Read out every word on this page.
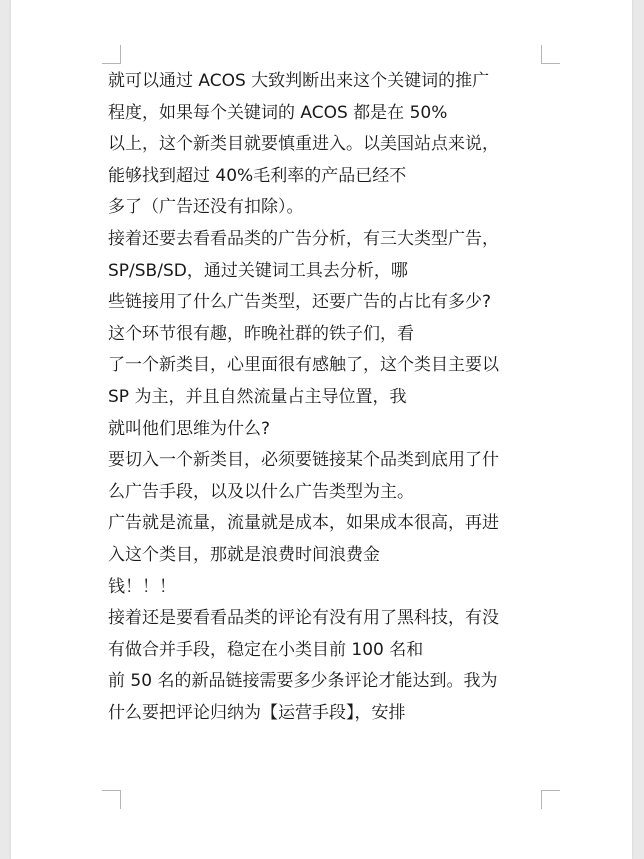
就可以通过 ACOS 大致判断出来这个关键词的推广
程度，如果每个关键词的 ACOS 都是在 50%
以上，这个新类目就要慎重进入。以美国站点来说，
能够找到超过 40%毛利率的产品已经不
多了（广告还没有扣除）。
接着还要去看看品类的广告分析，有三大类型广告，
SP/SB/SD，通过关键词工具去分析，哪
些链接用了什么广告类型，还要广告的占比有多少?
这个环节很有趣，昨晚社群的铁子们，看
了一个新类目，心里面很有感触了，这个类目主要以
SP 为主，并且自然流量占主导位置，我
就叫他们思维为什么?
要切入一个新类目，必须要链接某个品类到底用了什
么广告手段，以及以什么广告类型为主。
广告就是流量，流量就是成本，如果成本很高，再进
入这个类目，那就是浪费时间浪费金
钱！！！
接着还是要看看品类的评论有没有用了黑科技，有没
有做合并手段，稳定在小类目前 100 名和
前 50 名的新品链接需要多少条评论才能达到。我为
什么要把评论归纳为【运营手段】，安排
